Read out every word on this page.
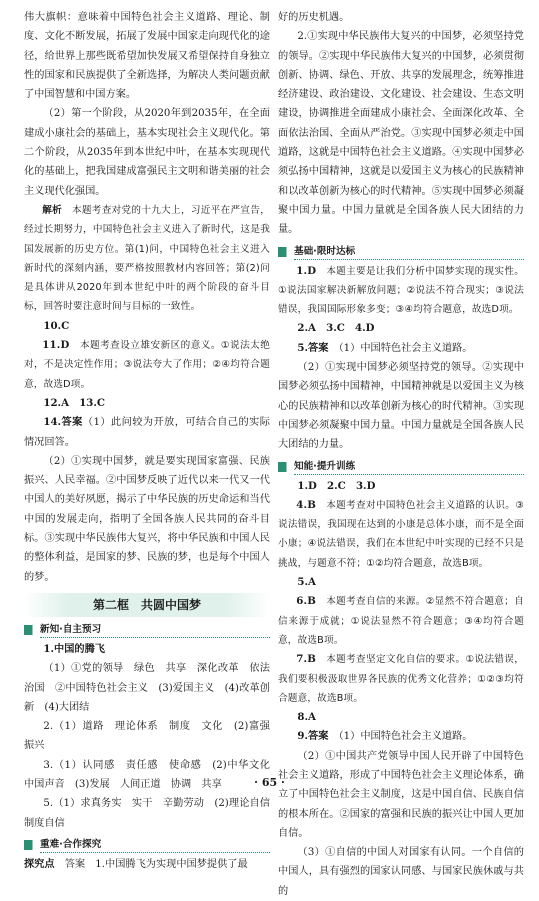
伟大旗帜：意味着中国特色社会主义道路、理论、制度、文化不断发展，拓展了发展中国家走向现代化的途径，给世界上那些既希望加快发展又希望保持自身独立性的国家和民族提供了全新选择，为解决人类问题贡献了中国智慧和中国方案。

（2）第一个阶段，从2020年到2035年，在全面建成小康社会的基础上，基本实现社会主义现代化。第二个阶段，从2035年到本世纪中叶，在基本实现现代化的基础上，把我国建成富强民主文明和谐美丽的社会主义现代化强国。

解析　 本题考查对党的十九大上，习近平在严宣告，经过长期努力，中国特色社会主义进入了新时代，这是我国发展新的历史方位。第(1)问，中国特色社会主义进入新时代的深刻内涵，要严格按照教材内容回答；第(2)问是具体讲从2020年到本世纪中叶的两个阶段的奋斗目标，回答时要注意时间与目标的一致性。

10.C

11.D　 本题考查设立雄安新区的意义。①说法太绝对，不是决定性作用；③说法夸大了作用；②④均符合题意，故选D项。

12.A　13.C

14.答案（1）此问较为开放，可结合自己的实际情况回答。

（2）①实现中国梦，就是要实现国家富强、民族振兴、人民幸福。②中国梦反映了近代以来一代又一代中国人的美好夙愿，揭示了中华民族的历史命运和当代中国的发展走向，指明了全国各族人民共同的奋斗目标。③实现中华民族伟大复兴，将中华民族和中国人民的整体利益，是国家的梦、民族的梦，也是每个中国人的梦。

第二框　共圆中国梦
新知·自主预习

1.中国的腾飞

（1）①党的领导　绿色　共享　深化改革　依法治国　②中国特色社会主义　(3)爱国主义　(4)改革创新　(4)大团结

2.（1）道路　理论体系　制度　文化　(2)富强　振兴

3.（1）认同感　责任感　使命感　(2)中华文化　中国声音　(3)发展　人间正道　协调　共享

5.（1）求真务实　实干　辛勤劳动　(2)理论自信　制度自信

重难·合作探究

探究点　 答案　1.中国腾飞为实现中国梦提供了最

好的历史机遇。

2.①实现中华民族伟大复兴的中国梦，必须坚持党的领导。②实现中华民族伟大复兴的中国梦，必须贯彻创新、协调、绿色、开放、共享的发展理念，统筹推进经济建设、政治建设、文化建设、社会建设、生态文明建设，协调推进全面建成小康社会、全面深化改革、全面依法治国、全面从严治党。③实现中国梦必须走中国道路，这就是中国特色社会主义道路。④实现中国梦必须弘扬中国精神，这就是以爱国主义为核心的民族精神和以改革创新为核心的时代精神。⑤实现中国梦必须凝聚中国力量。中国力量就是全国各族人民大团结的力量。

基础·限时达标

1.D　 本题主要是让我们分析中国梦实现的现实性。①说法国家解决新解放问题；②说法不符合现实；③说法错误，我国国际形象多变；③④均符合题意，故选D项。

2.A　3.C　4.D

5.答案　 （1）中国特色社会主义道路。

（2）①实现中国梦必须坚持党的领导。②实现中国梦必须弘扬中国精神，中国精神就是以爱国主义为核心的民族精神和以改革创新为核心的时代精神。③实现中国梦必须凝聚中国力量。中国力量就是全国各族人民大团结的力量。

知能·提升训练

1.D　2.C　3.D

4.B　 本题考查对中国特色社会主义道路的认识。③说法错误，我国现在达到的小康是总体小康，而不是全面小康；④说法错误，我们在本世纪中叶实现的已经不只是挑战，与题意不符；①②均符合题意，故选B项。

5.A

6.B　 本题考查自信的来源。②显然不符合题意；自信来源于成就；①说法显然不符合题意；③④均符合题意，故选B项。

7.B　 本题考查坚定文化自信的要求。①说法错误，我们要积极汲取世界各民族的优秀文化营养；①②③均符合题意，故选B项。

8.A

9.答案　 （1）中国特色社会主义道路。

（2）①中国共产党领导中国人民开辟了中国特色社会主义道路，形成了中国特色社会主义理论体系，确立了中国特色社会主义制度，这是中国自信、民族自信的根本所在。②国家的富强和民族的振兴让中国人更加自信。

（3）①自信的中国人对国家有认同。一个自信的中国人，具有强烈的国家认同感、与国家民族休戚与共的

· 65 ·
